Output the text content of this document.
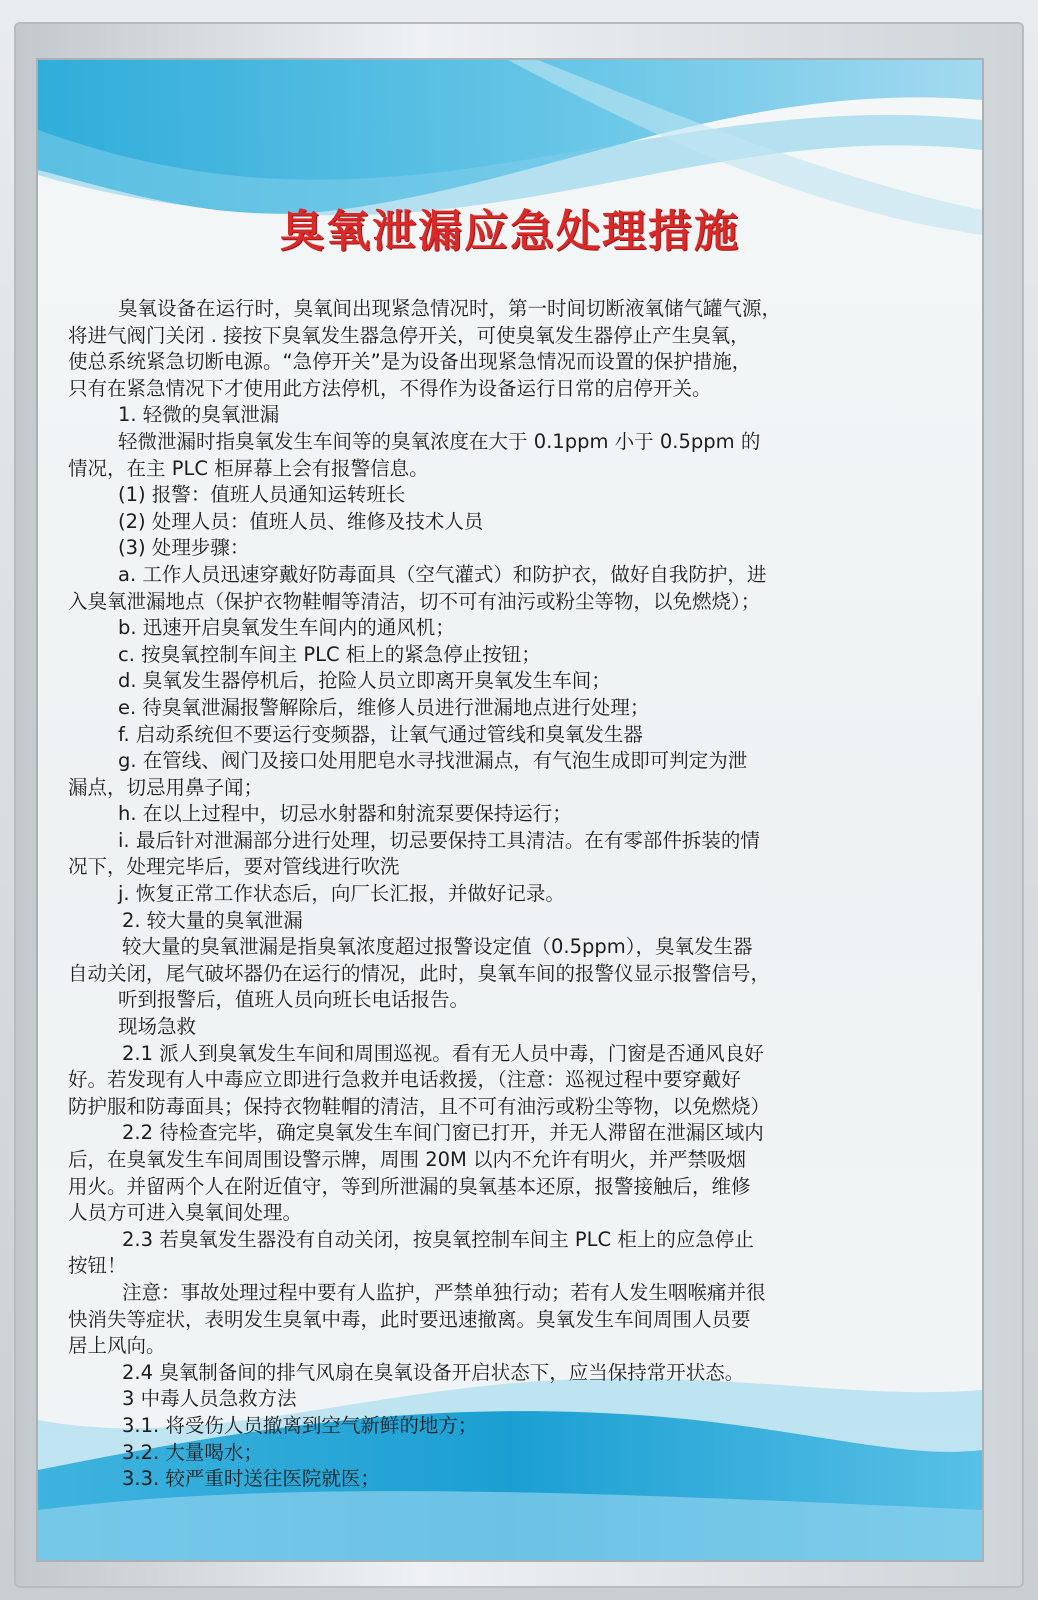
臭氧泄漏应急处理措施

臭氧设备在运行时，臭氧间出现紧急情况时，第一时间切断液氧储气罐气源，

将进气阀门关闭 . 接按下臭氧发生器急停开关，可使臭氧发生器停止产生臭氧，

使总系统紧急切断电源。“急停开关”是为设备出现紧急情况而设置的保护措施，

只有在紧急情况下才使用此方法停机，不得作为设备运行日常的启停开关。

1. 轻微的臭氧泄漏

轻微泄漏时指臭氧发生车间等的臭氧浓度在大于 0.1ppm 小于 0.5ppm 的

情况，在主 PLC 柜屏幕上会有报警信息。

(1) 报警：值班人员通知运转班长

(2) 处理人员：值班人员、维修及技术人员

(3) 处理步骤：

a. 工作人员迅速穿戴好防毒面具（空气灌式）和防护衣，做好自我防护，进

入臭氧泄漏地点（保护衣物鞋帽等清洁，切不可有油污或粉尘等物，以免燃烧）；

b. 迅速开启臭氧发生车间内的通风机；

c. 按臭氧控制车间主 PLC 柜上的紧急停止按钮；

d. 臭氧发生器停机后，抢险人员立即离开臭氧发生车间；

e. 待臭氧泄漏报警解除后，维修人员进行泄漏地点进行处理；

f. 启动系统但不要运行变频器，让氧气通过管线和臭氧发生器

g. 在管线、阀门及接口处用肥皂水寻找泄漏点，有气泡生成即可判定为泄

漏点，切忌用鼻子闻；

h. 在以上过程中，切忌水射器和射流泵要保持运行；

i. 最后针对泄漏部分进行处理，切忌要保持工具清洁。在有零部件拆装的情

况下，处理完毕后，要对管线进行吹洗

j. 恢复正常工作状态后，向厂长汇报，并做好记录。

2. 较大量的臭氧泄漏

较大量的臭氧泄漏是指臭氧浓度超过报警设定值（0.5ppm），臭氧发生器

自动关闭，尾气破坏器仍在运行的情况，此时，臭氧车间的报警仪显示报警信号，

听到报警后，值班人员向班长电话报告。

现场急救

2.1 派人到臭氧发生车间和周围巡视。看有无人员中毒，门窗是否通风良好

好。若发现有人中毒应立即进行急救并电话救援，（注意：巡视过程中要穿戴好

防护服和防毒面具；保持衣物鞋帽的清洁，且不可有油污或粉尘等物，以免燃烧）

2.2 待检查完毕，确定臭氧发生车间门窗已打开，并无人滞留在泄漏区域内

后，在臭氧发生车间周围设警示牌，周围 20M 以内不允许有明火，并严禁吸烟

用火。并留两个人在附近值守，等到所泄漏的臭氧基本还原，报警接触后，维修

人员方可进入臭氧间处理。

2.3 若臭氧发生器没有自动关闭，按臭氧控制车间主 PLC 柜上的应急停止

按钮！

注意：事故处理过程中要有人监护，严禁单独行动；若有人发生咽喉痛并很

快消失等症状，表明发生臭氧中毒，此时要迅速撤离。臭氧发生车间周围人员要

居上风向。

2.4 臭氧制备间的排气风扇在臭氧设备开启状态下，应当保持常开状态。

3 中毒人员急救方法

3.1. 将受伤人员撤离到空气新鲜的地方；

3.2. 大量喝水；

3.3. 较严重时送往医院就医；
